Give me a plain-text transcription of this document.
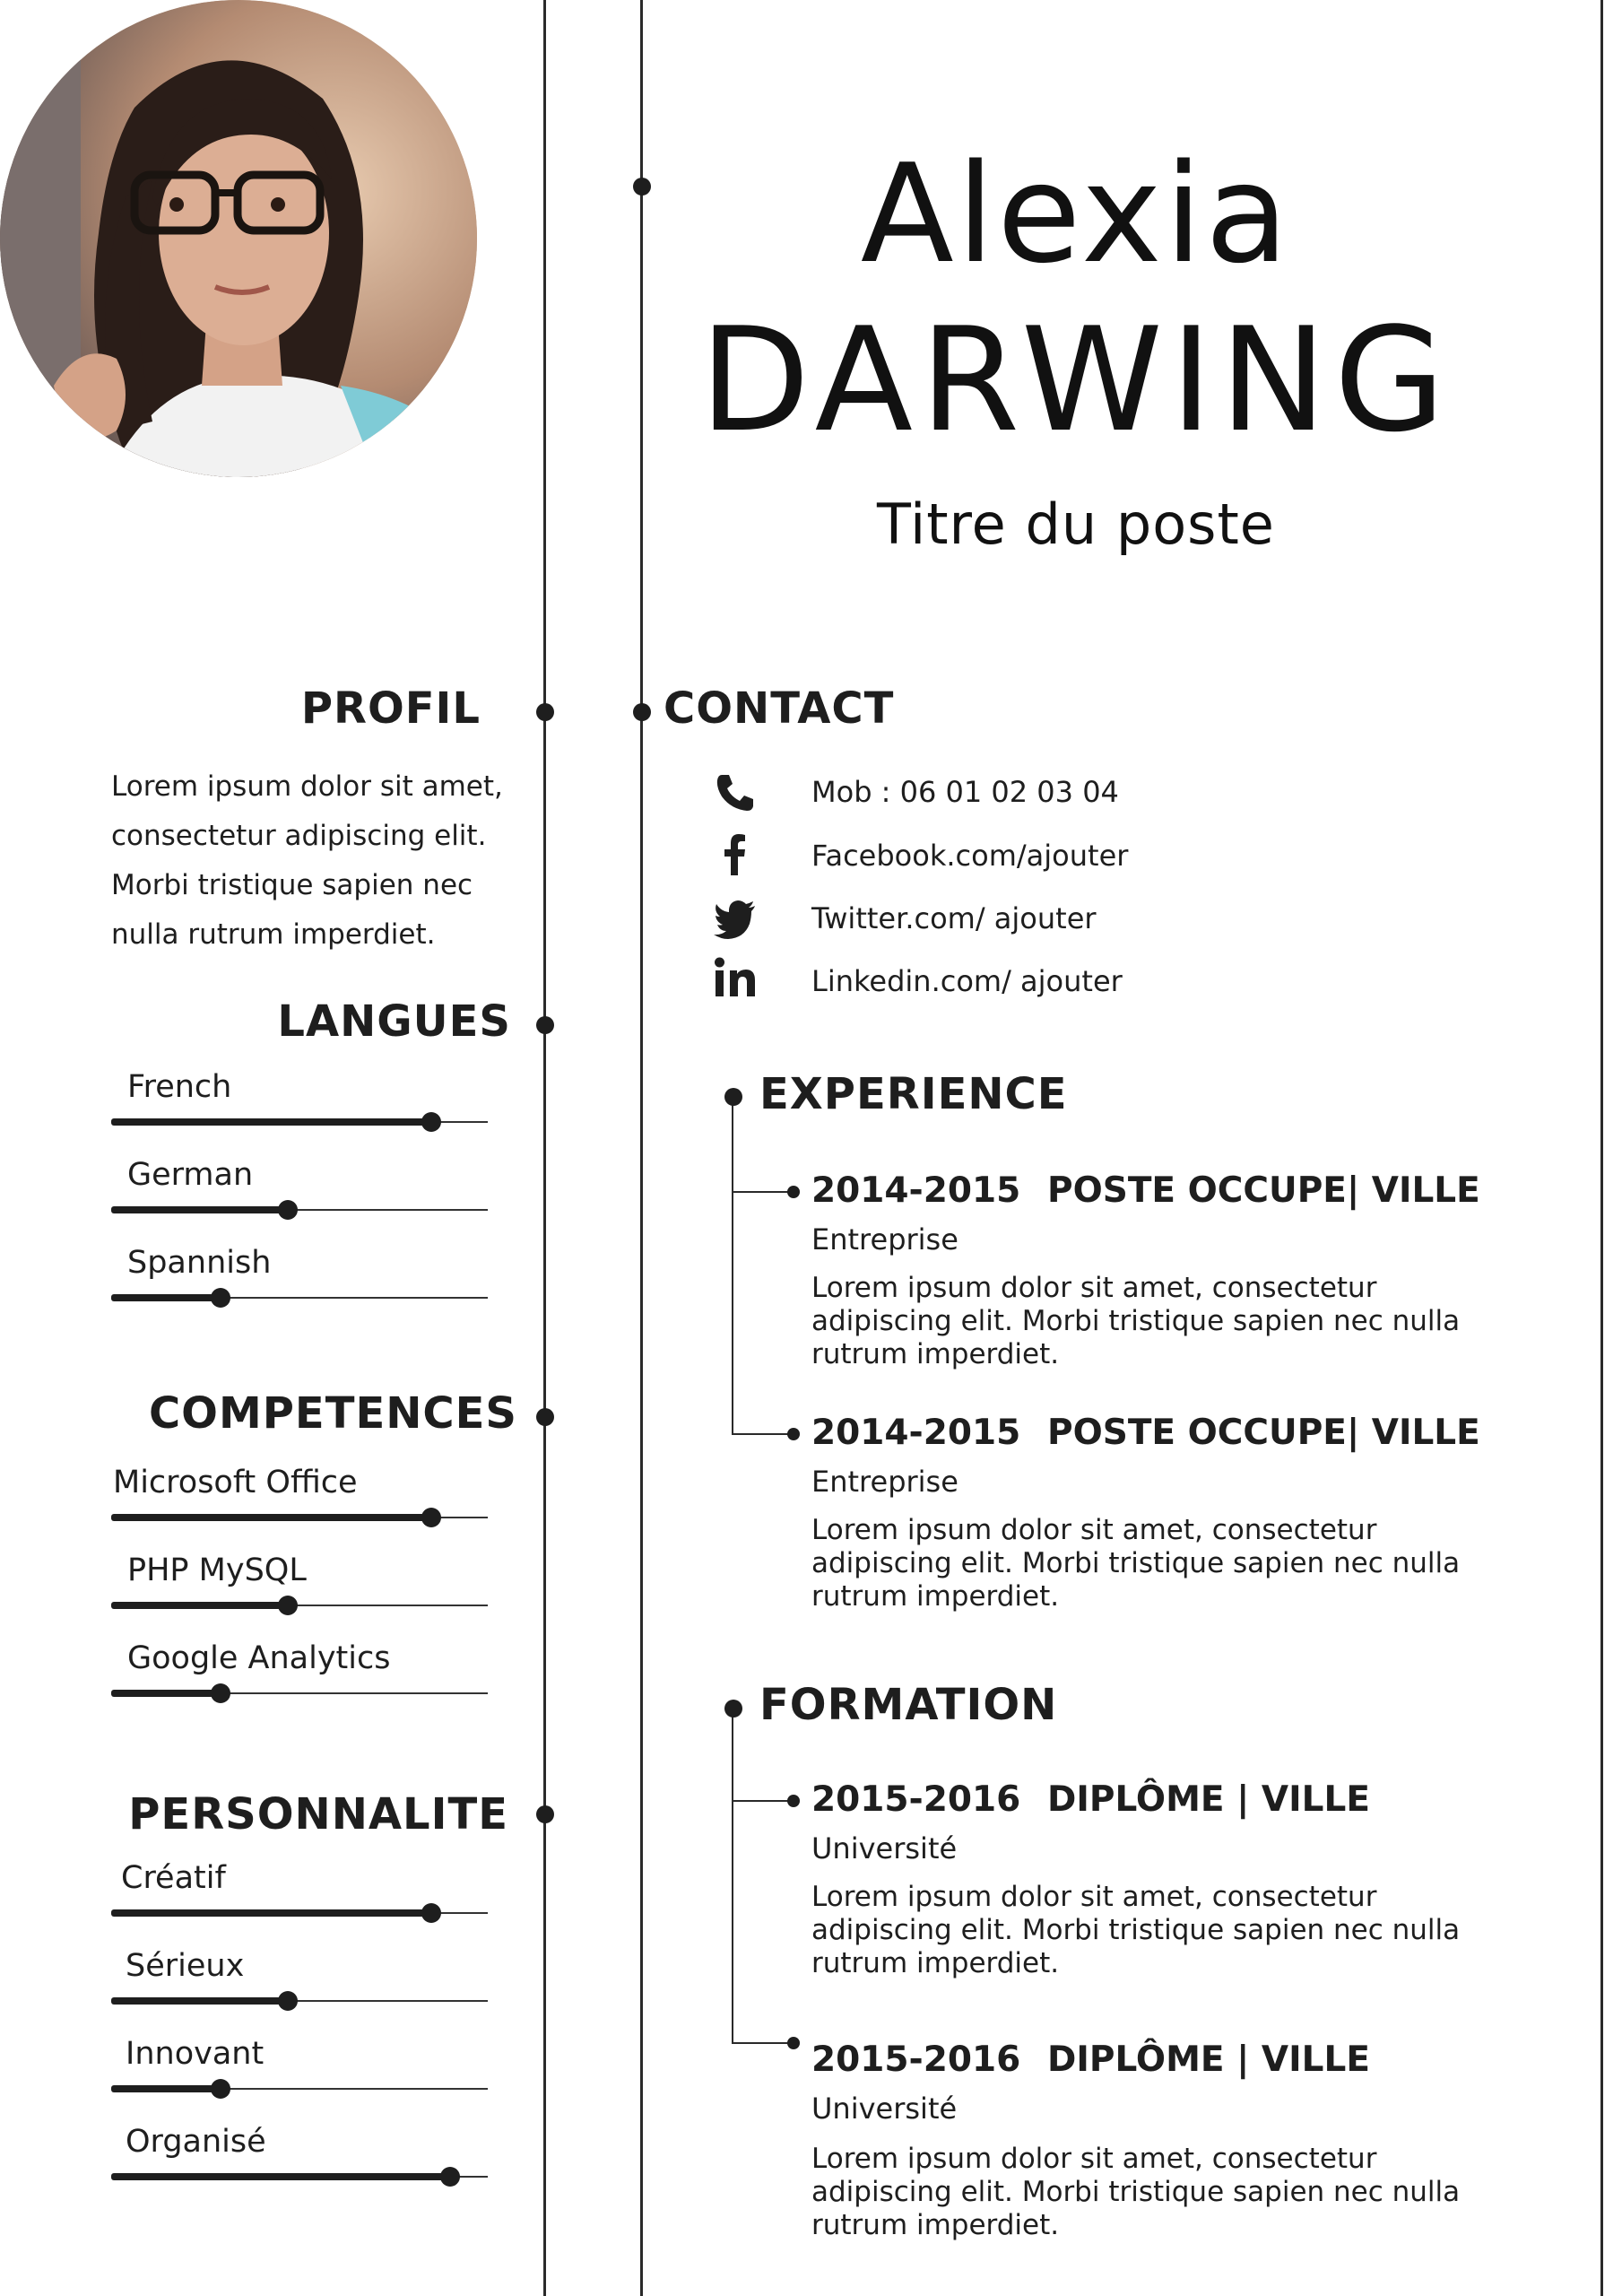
Alexia
DARWING
Titre du poste
PROFIL
Lorem ipsum dolor sit amet, consectetur adipiscing elit. Morbi tristique sapien nec nulla rutrum imperdiet.
LANGUES
French
German
Spannish
COMPETENCES
Microsoft Office
PHP MySQL
Google Analytics
PERSONNALITE
Créatif
Sérieux
Innovant
Organisé
CONTACT
Mob : 06 01 02 03 04
Facebook.com/ajouter
Twitter.com/ ajouter
Linkedin.com/ ajouter
EXPERIENCE
2014-2015 POSTE OCCUPE| VILLE
Entreprise
Lorem ipsum dolor sit amet, consectetur adipiscing elit. Morbi tristique sapien nec nulla rutrum imperdiet.
2014-2015 POSTE OCCUPE| VILLE
Entreprise
Lorem ipsum dolor sit amet, consectetur adipiscing elit. Morbi tristique sapien nec nulla rutrum imperdiet.
FORMATION
2015-2016 DIPLÔME | VILLE
Université
Lorem ipsum dolor sit amet, consectetur adipiscing elit. Morbi tristique sapien nec nulla rutrum imperdiet.
2015-2016 DIPLÔME | VILLE
Université
Lorem ipsum dolor sit amet, consectetur adipiscing elit. Morbi tristique sapien nec nulla rutrum imperdiet.
